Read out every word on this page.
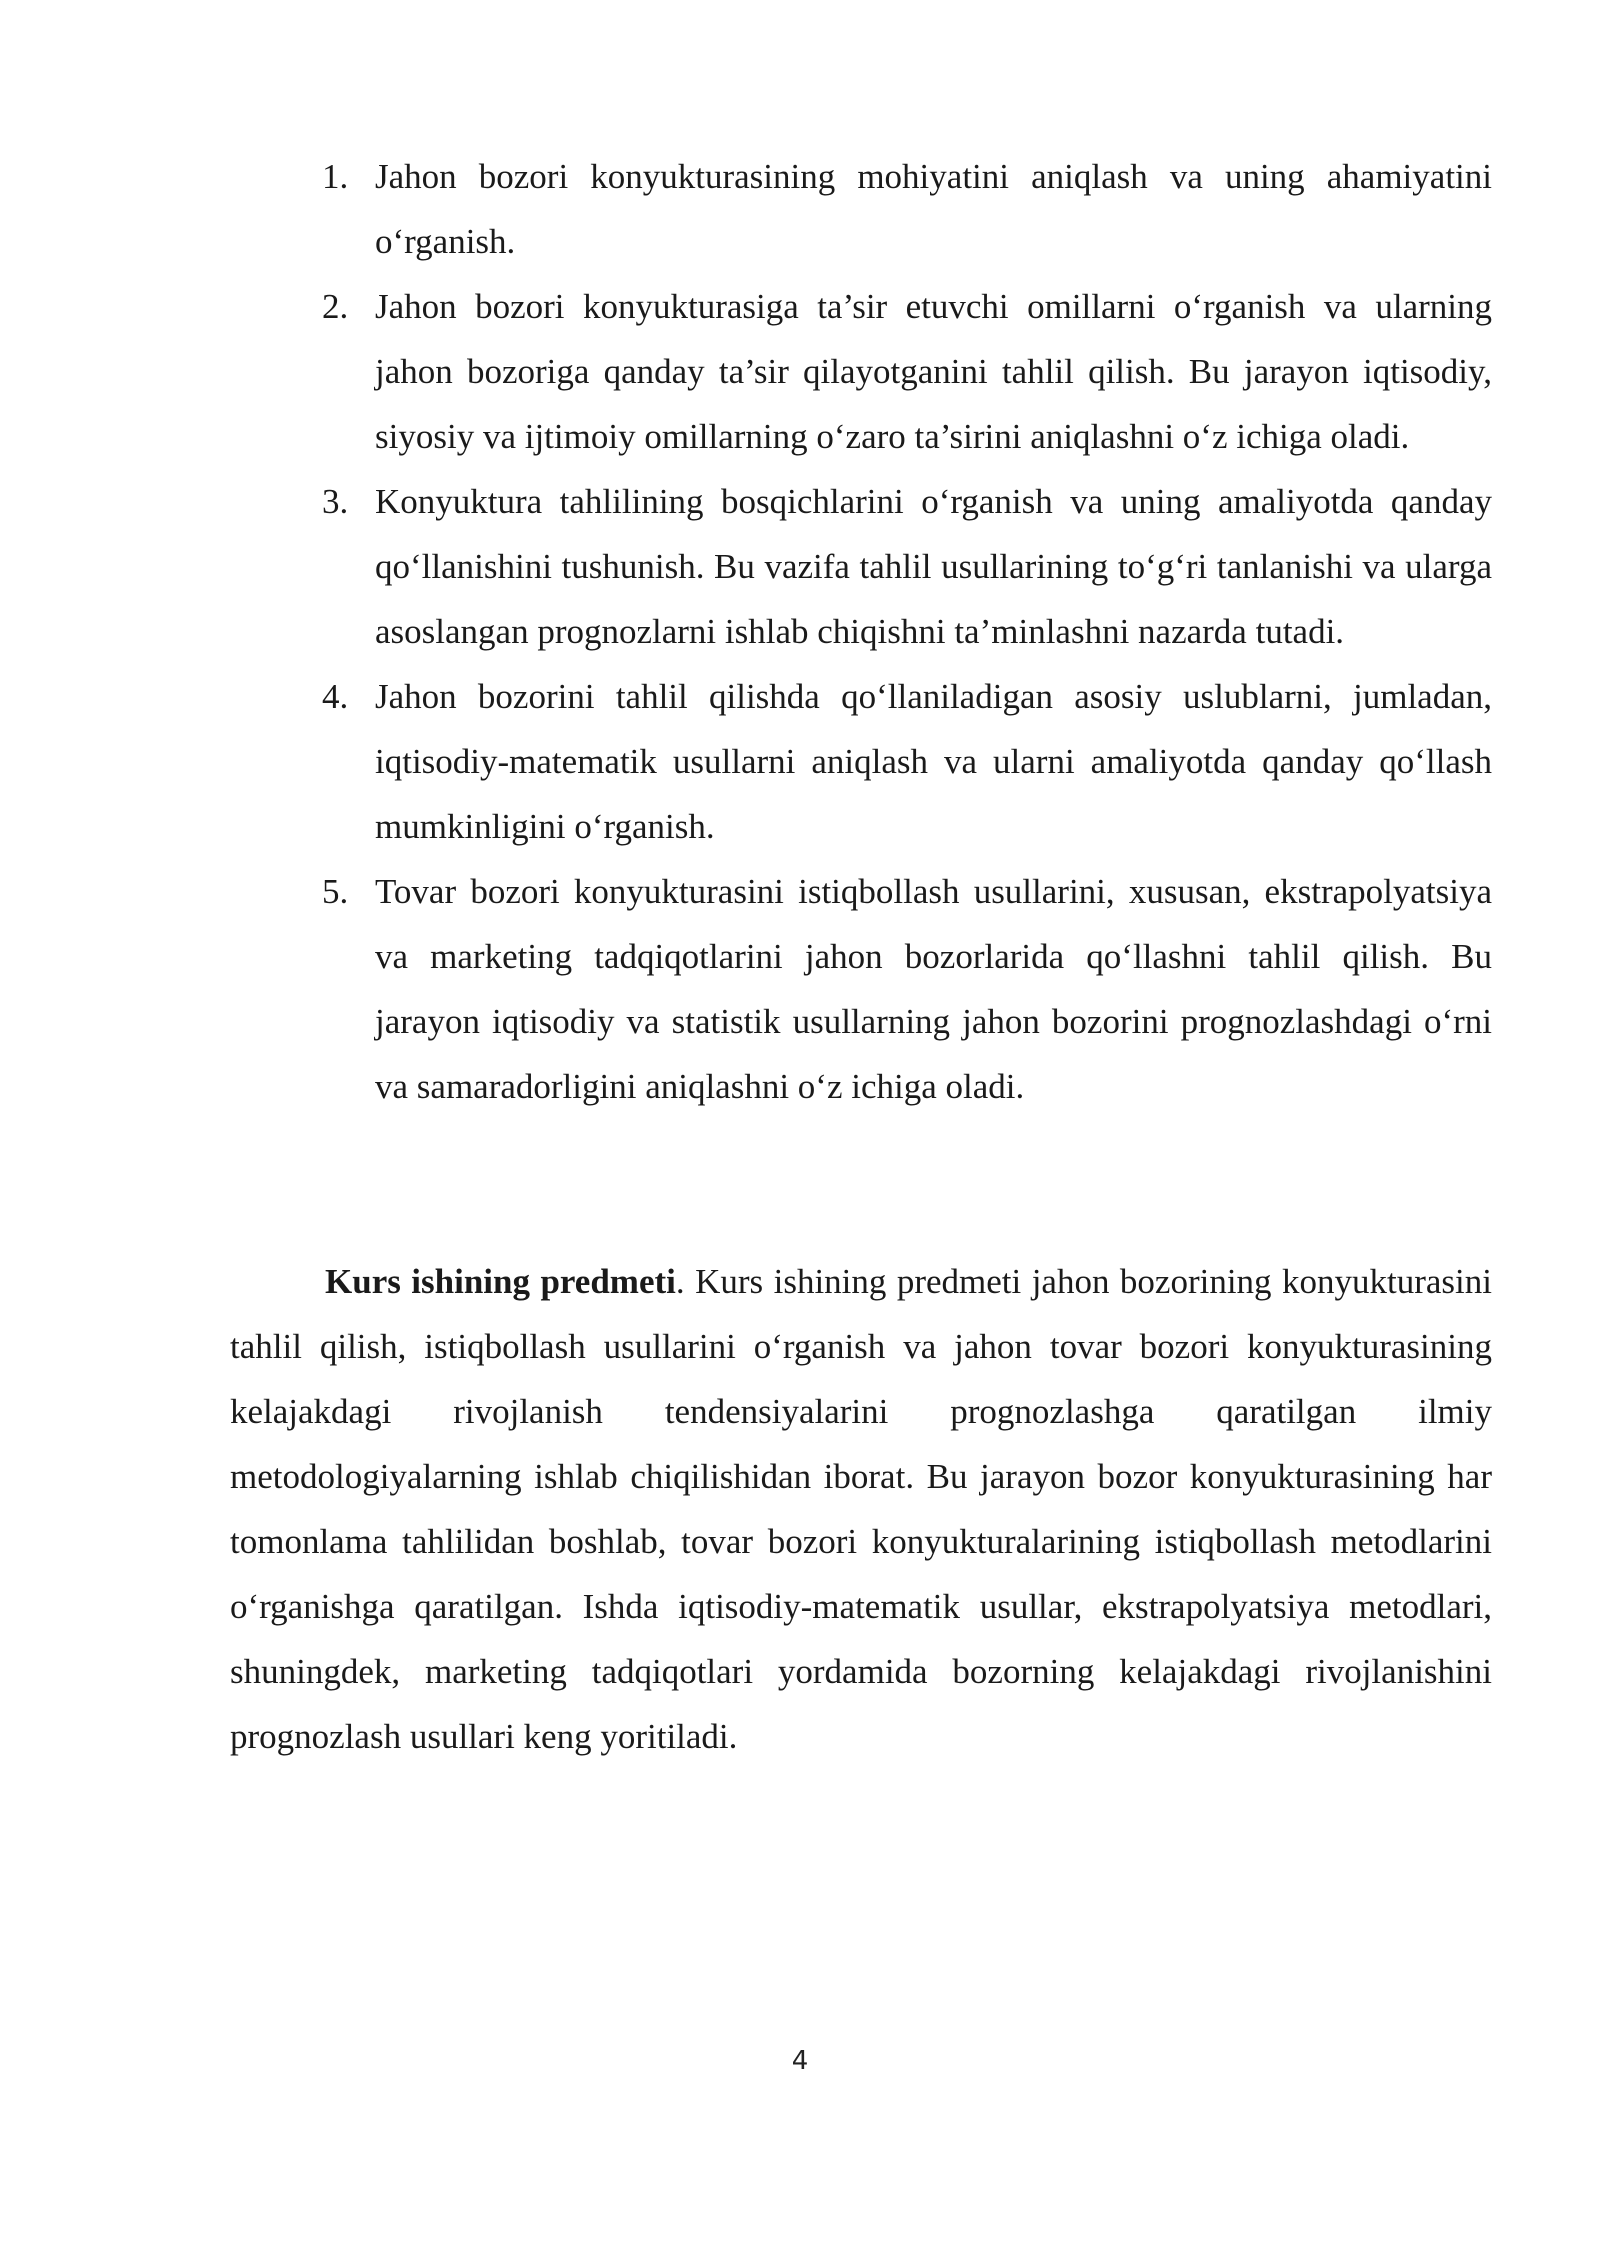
1. Jahon bozori konyukturasining mohiyatini aniqlash va uning ahamiyatini o‘rganish.
2. Jahon bozori konyukturasiga ta’sir etuvchi omillarni o‘rganish va ularning jahon bozoriga qanday ta’sir qilayotganini tahlil qilish. Bu jarayon iqtisodiy, siyosiy va ijtimoiy omillarning o‘zaro ta’sirini aniqlashni o‘z ichiga oladi.
3. Konyuktura tahlilining bosqichlarini o‘rganish va uning amaliyotda qanday qo‘llanishini tushunish. Bu vazifa tahlil usullarining to‘g‘ri tanlanishi va ularga asoslangan prognozlarni ishlab chiqishni ta’minlashni nazarda tutadi.
4. Jahon bozorini tahlil qilishda qo‘llaniladigan asosiy uslublarni, jumladan, iqtisodiy-matematik usullarni aniqlash va ularni amaliyotda qanday qo‘llash mumkinligini o‘rganish.
5. Tovar bozori konyukturasini istiqbollash usullarini, xususan, ekstrapolyatsiya va marketing tadqiqotlarini jahon bozorlarida qo‘llashni tahlil qilish. Bu jarayon iqtisodiy va statistik usullarning jahon bozorini prognozlashdagi o‘rni va samaradorligini aniqlashni o‘z ichiga oladi.

Kurs ishining predmeti. Kurs ishining predmeti jahon bozorining konyukturasini tahlil qilish, istiqbollash usullarini o‘rganish va jahon tovar bozori konyukturasining kelajakdagi rivojlanish tendensiyalarini prognozlashga qaratilgan ilmiy metodologiyalarning ishlab chiqilishidan iborat. Bu jarayon bozor konyukturasining har tomonlama tahlilidan boshlab, tovar bozori konyukturalarining istiqbollash metodlarini o‘rganishga qaratilgan. Ishda iqtisodiy-matematik usullar, ekstrapolyatsiya metodlari, shuningdek, marketing tadqiqotlari yordamida bozorning kelajakdagi rivojlanishini prognozlash usullari keng yoritiladi.

4
